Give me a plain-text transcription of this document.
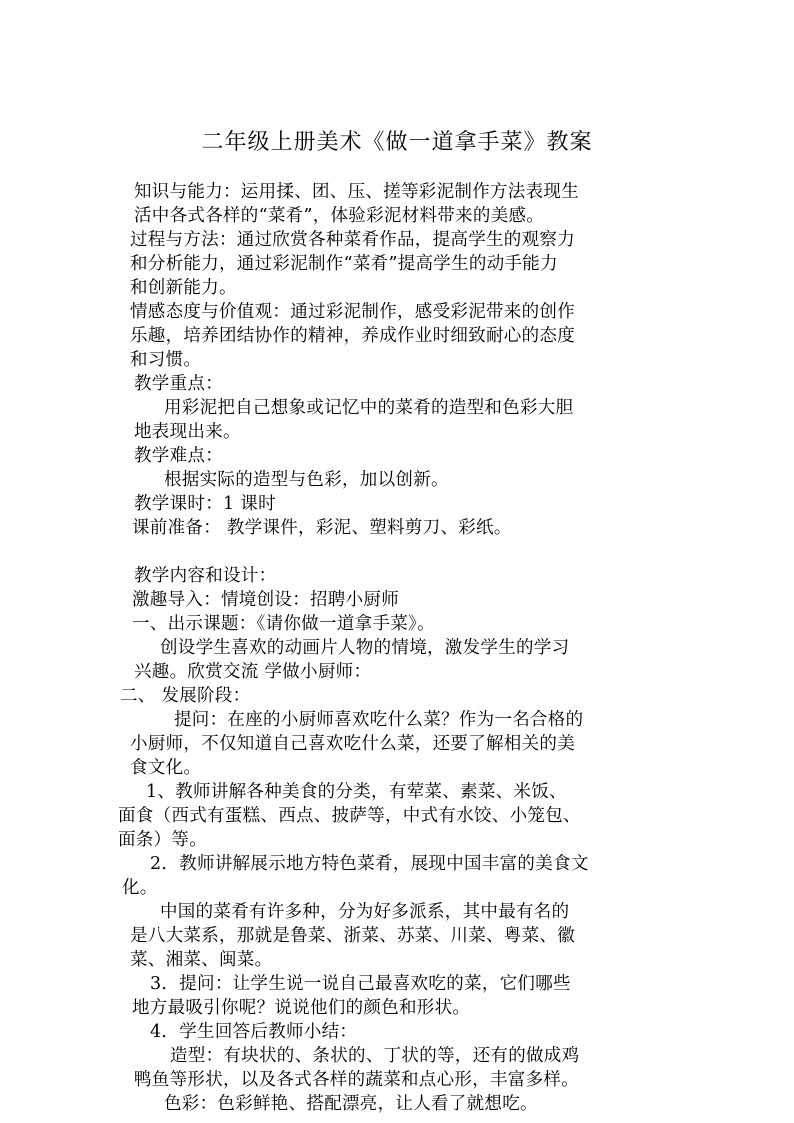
二年级上册美术《做一道拿手菜》教案
知识与能力：运用揉、团、压、搓等彩泥制作方法表现生
活中各式各样的“菜肴”，体验彩泥材料带来的美感。
过程与方法：通过欣赏各种菜肴作品，提高学生的观察力
和分析能力，通过彩泥制作“菜肴”提高学生的动手能力
和创新能力。
情感态度与价值观：通过彩泥制作，感受彩泥带来的创作
乐趣，培养团结协作的精神，养成作业时细致耐心的态度
和习惯。
教学重点：
用彩泥把自己想象或记忆中的菜肴的造型和色彩大胆
地表现出来。
教学难点：
根据实际的造型与色彩，加以创新。
教学课时：1 课时
课前准备： 教学课件，彩泥、塑料剪刀、彩纸。
教学内容和设计：
激趣导入：情境创设：招聘小厨师
一、出示课题：《请你做一道拿手菜》。
创设学生喜欢的动画片人物的情境，激发学生的学习
兴趣。欣赏交流 学做小厨师：
二、 发展阶段：
提问：在座的小厨师喜欢吃什么菜？作为一名合格的
小厨师，不仅知道自己喜欢吃什么菜，还要了解相关的美
食文化。
1、教师讲解各种美食的分类，有荤菜、素菜、米饭、
面食（西式有蛋糕、西点、披萨等，中式有水饺、小笼包、
面条）等。
2．教师讲解展示地方特色菜肴，展现中国丰富的美食文
化。
中国的菜肴有许多种，分为好多派系，其中最有名的
是八大菜系，那就是鲁菜、浙菜、苏菜、川菜、粤菜、徽
菜、湘菜、闽菜。
3．提问：让学生说一说自己最喜欢吃的菜，它们哪些
地方最吸引你呢？说说他们的颜色和形状。
4．学生回答后教师小结：
造型：有块状的、条状的、丁状的等，还有的做成鸡
鸭鱼等形状，以及各式各样的蔬菜和点心形，丰富多样。
色彩：色彩鲜艳、搭配漂亮，让人看了就想吃。
